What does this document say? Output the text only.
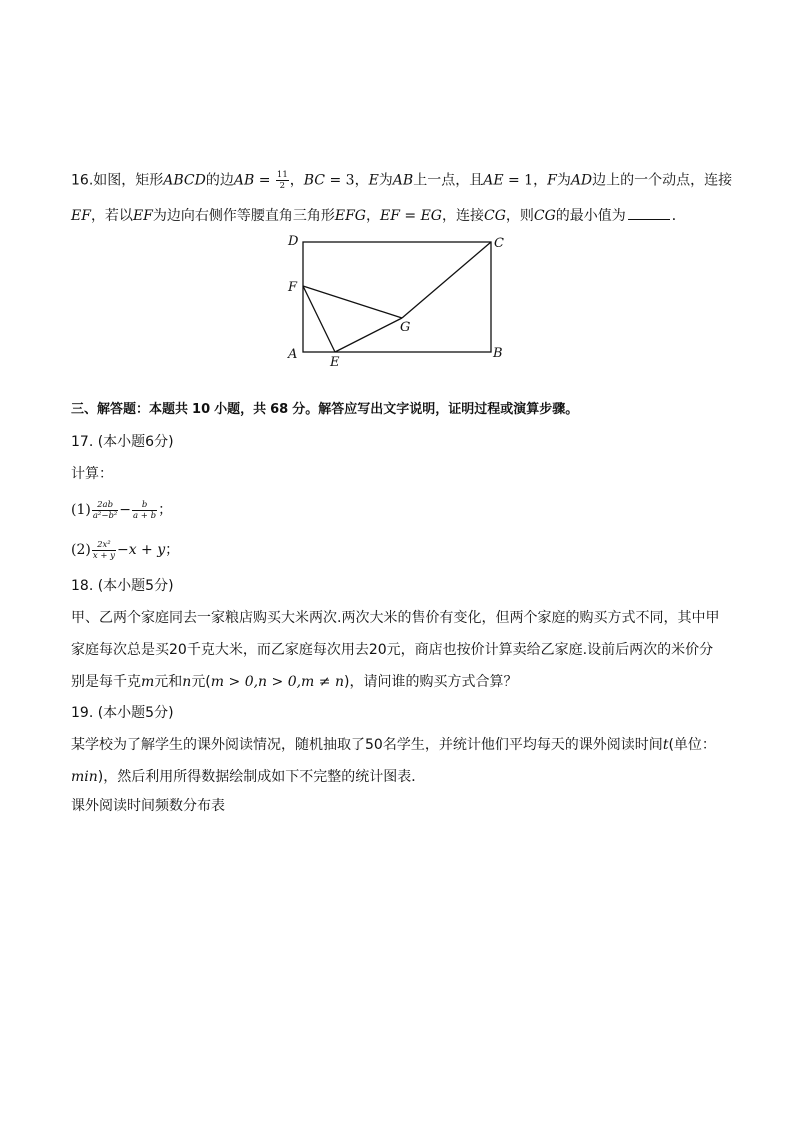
16.如图，矩形ABCD的边AB = $\frac{11}{2}$ ，BC = 3，E为AB上一点，且AE = 1，F为AD边上的一个动点，连接
EF，若以EF为边向右侧作等腰直角三角形EFG，EF = EG，连接CG，则CG的最小值为	．
D	C
F
G
A
E
B
三、解答题：本题共 10 小题，共 68 分。解答应写出文字说明，证明过程或演算步骤。
17. (本小题6分)
计算：
$(1) \frac{2ab}{\text{a²−b²}} - \frac{b}{a + b}$ ；
$(2) \frac{\text{2x²}}{x + y} -x + y$；
18. (本小题5分)
甲、乙两个家庭同去一家粮店购买大米两次.两次大米的售价有变化，但两个家庭的购买方式不同，其中甲
家庭每次总是买20千克大米，而乙家庭每次用去20元，商店也按价计算卖给乙家庭.设前后两次的米价分
别是每千克m元和n元(m > 0,n > 0,m ≠ n)，请问谁的购买方式合算？
19. (本小题5分)
某学校为了解学生的课外阅读情况，随机抽取了50名学生，并统计他们平均每天的课外阅读时间t(单位：
min)，然后利用所得数据绘制成如下不完整的统计图表．
课外阅读时间频数分布表
